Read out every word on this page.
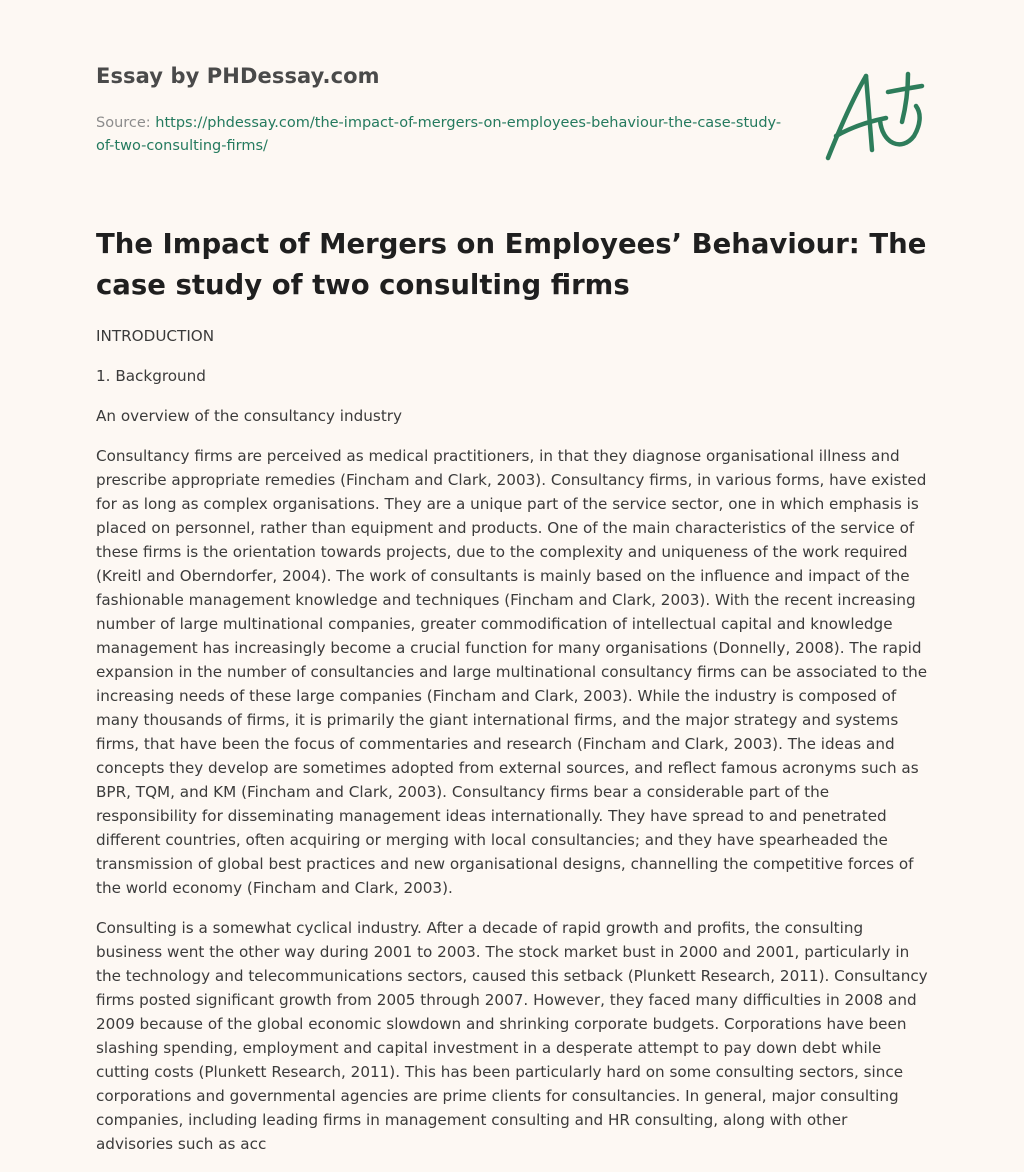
Essay by PHDessay.com
Source: https://phdessay.com/the-impact-of-mergers-on-employees-behaviour-the-case-study-of-two-consulting-firms/
The Impact of Mergers on Employees’ Behaviour: The case study of two consulting firms

INTRODUCTION

1. Background

An overview of the consultancy industry

Consultancy firms are perceived as medical practitioners, in that they diagnose organisational illness and prescribe appropriate remedies (Fincham and Clark, 2003). Consultancy firms, in various forms, have existed for as long as complex organisations. They are a unique part of the service sector, one in which emphasis is placed on personnel, rather than equipment and products. One of the main characteristics of the service of these firms is the orientation towards projects, due to the complexity and uniqueness of the work required (Kreitl and Oberndorfer, 2004). The work of consultants is mainly based on the influence and impact of the fashionable management knowledge and techniques (Fincham and Clark, 2003). With the recent increasing number of large multinational companies, greater commodification of intellectual capital and knowledge management has increasingly become a crucial function for many organisations (Donnelly, 2008). The rapid expansion in the number of consultancies and large multinational consultancy firms can be associated to the increasing needs of these large companies (Fincham and Clark, 2003). While the industry is composed of many thousands of firms, it is primarily the giant international firms, and the major strategy and systems firms, that have been the focus of commentaries and research (Fincham and Clark, 2003). The ideas and concepts they develop are sometimes adopted from external sources, and reflect famous acronyms such as BPR, TQM, and KM (Fincham and Clark, 2003). Consultancy firms bear a considerable part of the responsibility for disseminating management ideas internationally. They have spread to and penetrated different countries, often acquiring or merging with local consultancies; and they have spearheaded the transmission of global best practices and new organisational designs, channelling the competitive forces of the world economy (Fincham and Clark, 2003).

Consulting is a somewhat cyclical industry. After a decade of rapid growth and profits, the consulting business went the other way during 2001 to 2003. The stock market bust in 2000 and 2001, particularly in the technology and telecommunications sectors, caused this setback (Plunkett Research, 2011). Consultancy firms posted significant growth from 2005 through 2007. However, they faced many difficulties in 2008 and 2009 because of the global economic slowdown and shrinking corporate budgets. Corporations have been slashing spending, employment and capital investment in a desperate attempt to pay down debt while cutting costs (Plunkett Research, 2011). This has been particularly hard on some consulting sectors, since corporations and governmental agencies are prime clients for consultancies. In general, major consulting companies, including leading firms in management consulting and HR consulting, along with other advisories such as acc
